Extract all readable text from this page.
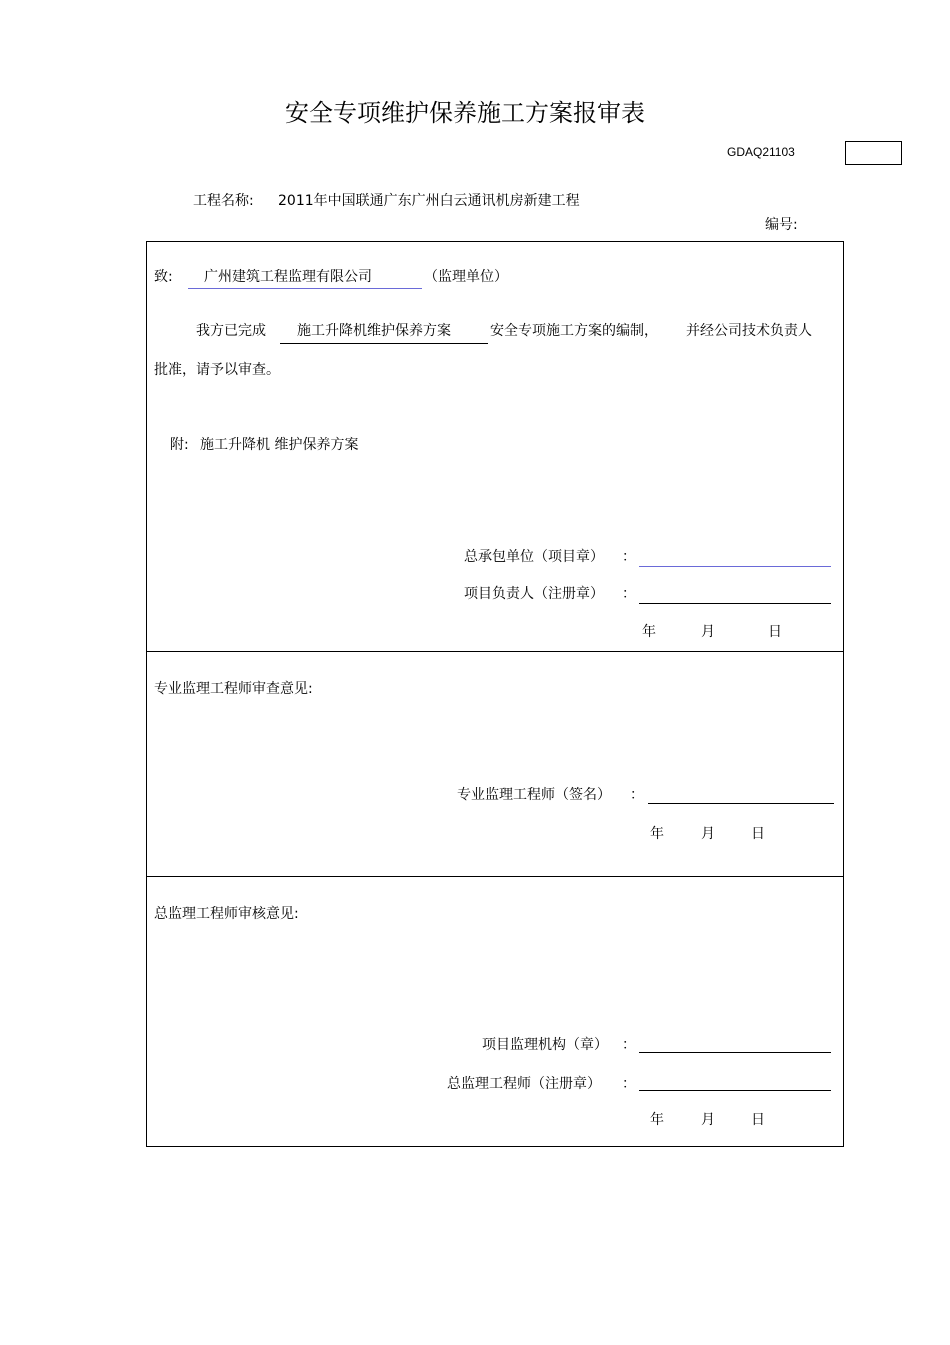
安全专项维护保养施工方案报审表
GDAQ21103
工程名称: 2011年中国联通广东广州白云通讯机房新建工程
编号:
致: 广州建筑工程监理有限公司	（监理单位）
我方已完成 施工升降机维护保养方案	安全专项施工方案的编制， 并经公司技术负责人
批准，请予以审查。
附: 施工升降机 维护保养方案
总承包单位（项目章） ：
项目负责人（注册章） ：
年	月	日
专业监理工程师审查意见:
专业监理工程师（签名） ：
年	月	日
总监理工程师审核意见:
项目监理机构（章） ：
总监理工程师（注册章） ：
年	月	日
